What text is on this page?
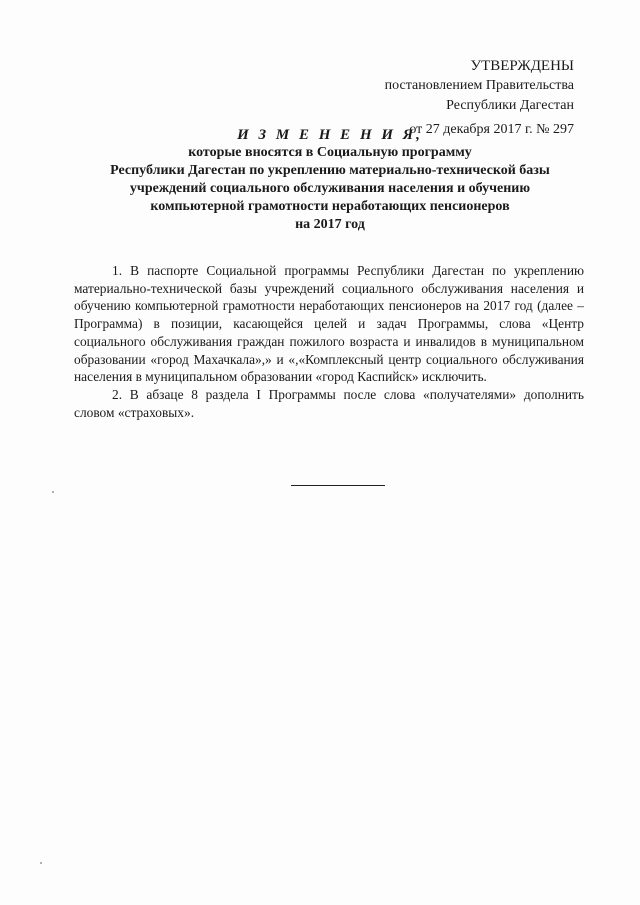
УТВЕРЖДЕНЫ
постановлением Правительства
Республики Дагестан
от 27 декабря 2017 г. № 297
И З М Е Н Е Н И Я,
которые вносятся в Социальную программу
Республики Дагестан по укреплению материально-технической базы
учреждений социального обслуживания населения и обучению
компьютерной грамотности неработающих пенсионеров
на 2017 год

1. В паспорте Социальной программы Республики Дагестан по укреплению материально-технической базы учреждений социального обслуживания населения и обучению компьютерной грамотности неработающих пенсионеров на 2017 год (далее – Программа) в позиции, касающейся целей и задач Программы, слова «Центр социального обслуживания граждан пожилого возраста и инвалидов в муниципальном образовании «город Махачкала»,» и «,«Комплексный центр социального обслуживания населения в муниципальном образовании «город Каспийск» исключить.

2. В абзаце 8 раздела I Программы после слова «получателями» дополнить словом «страховых».
